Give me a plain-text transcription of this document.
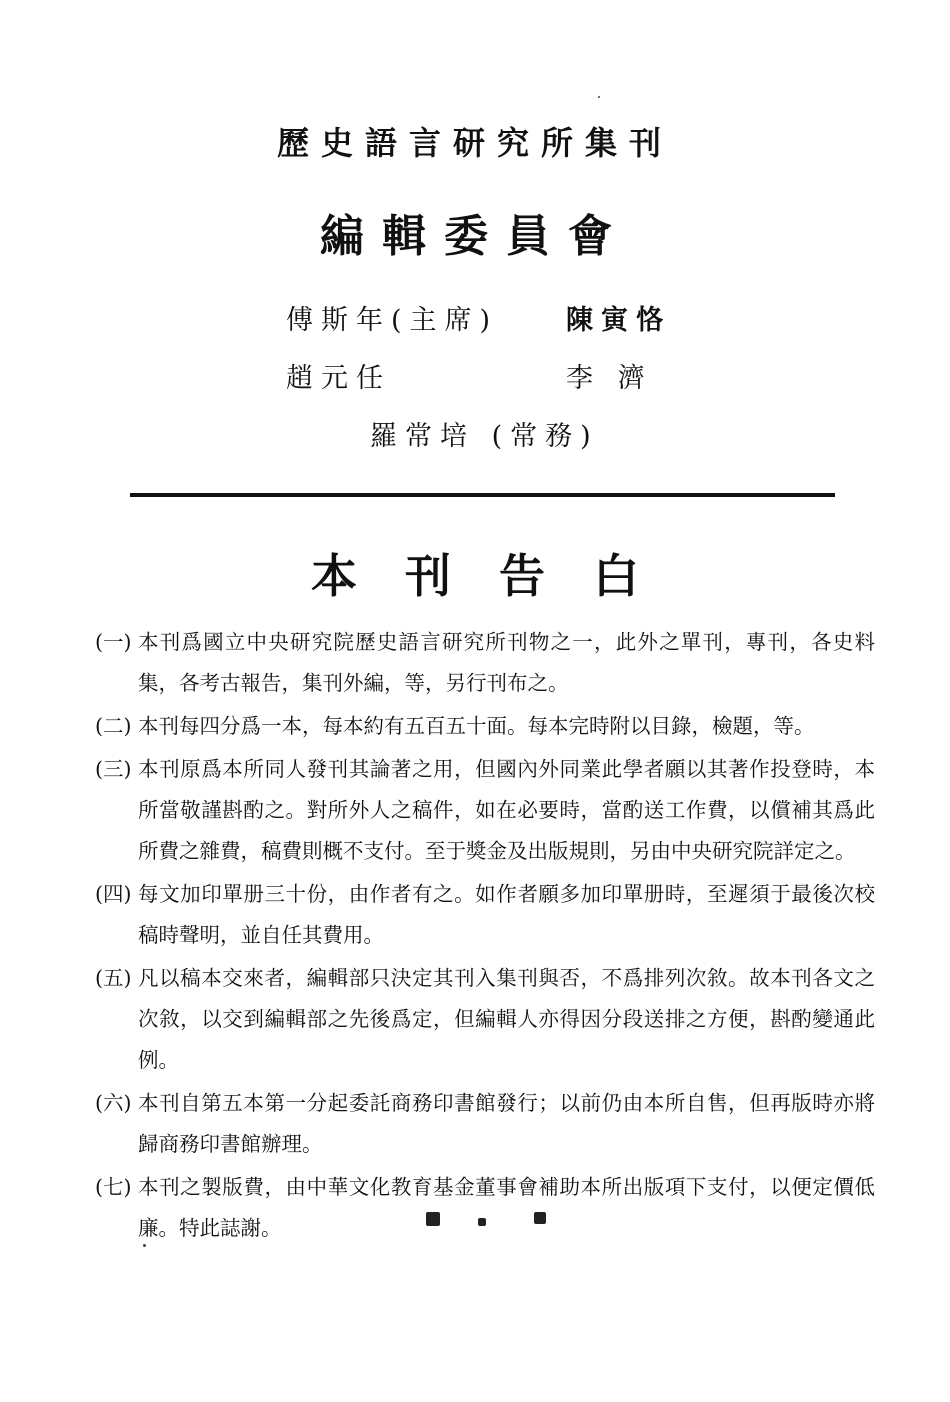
歷史語言研究所集刊
編輯委員會
傅斯年(主席)	陳寅恪
趙元任	李 濟
羅常培 (常務)
本刊告白
(一) 本刊爲國立中央研究院歷史語言研究所刊物之一，此外之單刊，專刊，各史料集，各考古報告，集刊外編，等，另行刊布之。
(二) 本刊每四分爲一本，每本約有五百五十面。每本完時附以目錄，檢題，等。
(三) 本刊原爲本所同人發刊其論著之用，但國內外同業此學者願以其著作投登時，本所當敬謹斟酌之。對所外人之稿件，如在必要時，當酌送工作費，以償補其爲此所費之雜費，稿費則概不支付。至于獎金及出版規則，另由中央研究院詳定之。
(四) 每文加印單册三十份，由作者有之。如作者願多加印單册時，至遲須于最後次校稿時聲明，並自任其費用。
(五) 凡以稿本交來者，編輯部只決定其刊入集刊與否，不爲排列次敘。故本刊各文之次敘，以交到編輯部之先後爲定，但編輯人亦得因分段送排之方便，斟酌變通此例。
(六) 本刊自第五本第一分起委託商務印書館發行；以前仍由本所自售，但再版時亦將歸商務印書館辦理。
(七) 本刊之製版費，由中華文化教育基金董事會補助本所出版項下支付，以便定價低廉。特此誌謝。
